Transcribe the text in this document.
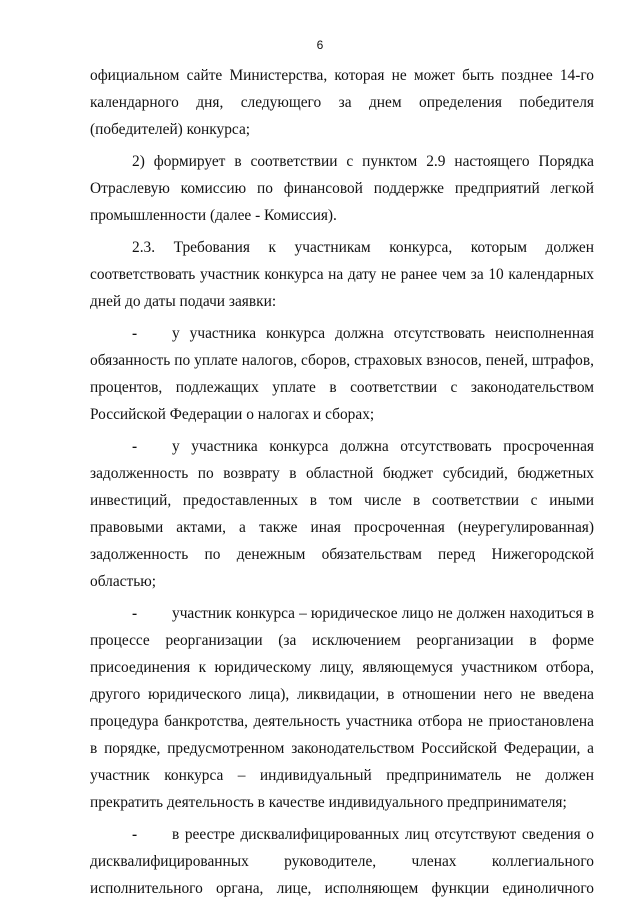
6

официальном сайте Министерства, которая не может быть позднее 14-го календарного дня, следующего за днем определения победителя (победителей) конкурса;

2) формирует в соответствии с пунктом 2.9 настоящего Порядка Отраслевую комиссию по финансовой поддержке предприятий легкой промышленности (далее - Комиссия).

2.3. Требования к участникам конкурса, которым должен соответствовать участник конкурса на дату не ранее чем за 10 календарных дней до даты подачи заявки:

- у участника конкурса должна отсутствовать неисполненная обязанность по уплате налогов, сборов, страховых взносов, пеней, штрафов, процентов, подлежащих уплате в соответствии с законодательством Российской Федерации о налогах и сборах;

- у участника конкурса должна отсутствовать просроченная задолженность по возврату в областной бюджет субсидий, бюджетных инвестиций, предоставленных в том числе в соответствии с иными правовыми актами, а также иная просроченная (неурегулированная) задолженность по денежным обязательствам перед Нижегородской областью;

- участник конкурса – юридическое лицо не должен находиться в процессе реорганизации (за исключением реорганизации в форме присоединения к юридическому лицу, являющемуся участником отбора, другого юридического лица), ликвидации, в отношении него не введена процедура банкротства, деятельность участника отбора не приостановлена в порядке, предусмотренном законодательством Российской Федерации, а участник конкурса – индивидуальный предприниматель не должен прекратить деятельность в качестве индивидуального предпринимателя;

- в реестре дисквалифицированных лиц отсутствуют сведения о дисквалифицированных руководителе, членах коллегиального исполнительного органа, лице, исполняющем функции единоличного
